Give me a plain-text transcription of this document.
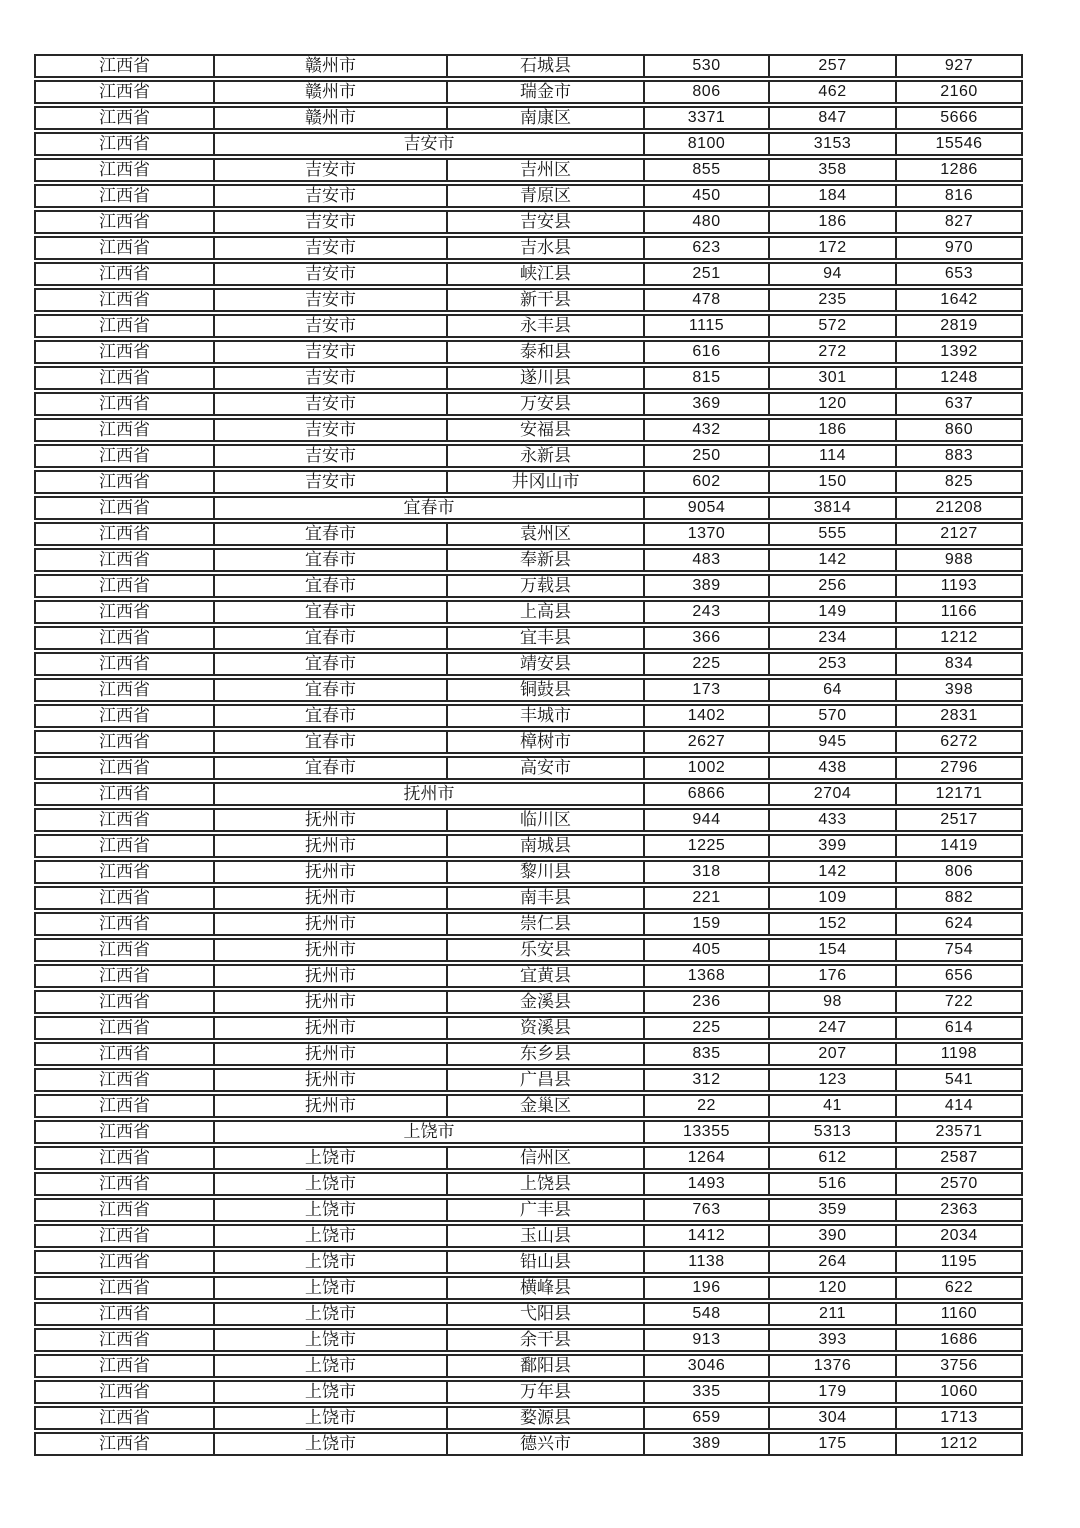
江西省	赣州市	石城县	530	257	927
江西省	赣州市	瑞金市	806	462	2160
江西省	赣州市	南康区	3371	847	5666
江西省	吉安市		8100	3153	15546
江西省	吉安市	吉州区	855	358	1286
江西省	吉安市	青原区	450	184	816
江西省	吉安市	吉安县	480	186	827
江西省	吉安市	吉水县	623	172	970
江西省	吉安市	峡江县	251	94	653
江西省	吉安市	新干县	478	235	1642
江西省	吉安市	永丰县	1115	572	2819
江西省	吉安市	泰和县	616	272	1392
江西省	吉安市	遂川县	815	301	1248
江西省	吉安市	万安县	369	120	637
江西省	吉安市	安福县	432	186	860
江西省	吉安市	永新县	250	114	883
江西省	吉安市	井冈山市	602	150	825
江西省	宜春市		9054	3814	21208
江西省	宜春市	袁州区	1370	555	2127
江西省	宜春市	奉新县	483	142	988
江西省	宜春市	万载县	389	256	1193
江西省	宜春市	上高县	243	149	1166
江西省	宜春市	宜丰县	366	234	1212
江西省	宜春市	靖安县	225	253	834
江西省	宜春市	铜鼓县	173	64	398
江西省	宜春市	丰城市	1402	570	2831
江西省	宜春市	樟树市	2627	945	6272
江西省	宜春市	高安市	1002	438	2796
江西省	抚州市		6866	2704	12171
江西省	抚州市	临川区	944	433	2517
江西省	抚州市	南城县	1225	399	1419
江西省	抚州市	黎川县	318	142	806
江西省	抚州市	南丰县	221	109	882
江西省	抚州市	崇仁县	159	152	624
江西省	抚州市	乐安县	405	154	754
江西省	抚州市	宜黄县	1368	176	656
江西省	抚州市	金溪县	236	98	722
江西省	抚州市	资溪县	225	247	614
江西省	抚州市	东乡县	835	207	1198
江西省	抚州市	广昌县	312	123	541
江西省	抚州市	金巢区	22	41	414
江西省	上饶市		13355	5313	23571
江西省	上饶市	信州区	1264	612	2587
江西省	上饶市	上饶县	1493	516	2570
江西省	上饶市	广丰县	763	359	2363
江西省	上饶市	玉山县	1412	390	2034
江西省	上饶市	铅山县	1138	264	1195
江西省	上饶市	横峰县	196	120	622
江西省	上饶市	弋阳县	548	211	1160
江西省	上饶市	余干县	913	393	1686
江西省	上饶市	鄱阳县	3046	1376	3756
江西省	上饶市	万年县	335	179	1060
江西省	上饶市	婺源县	659	304	1713
江西省	上饶市	德兴市	389	175	1212
